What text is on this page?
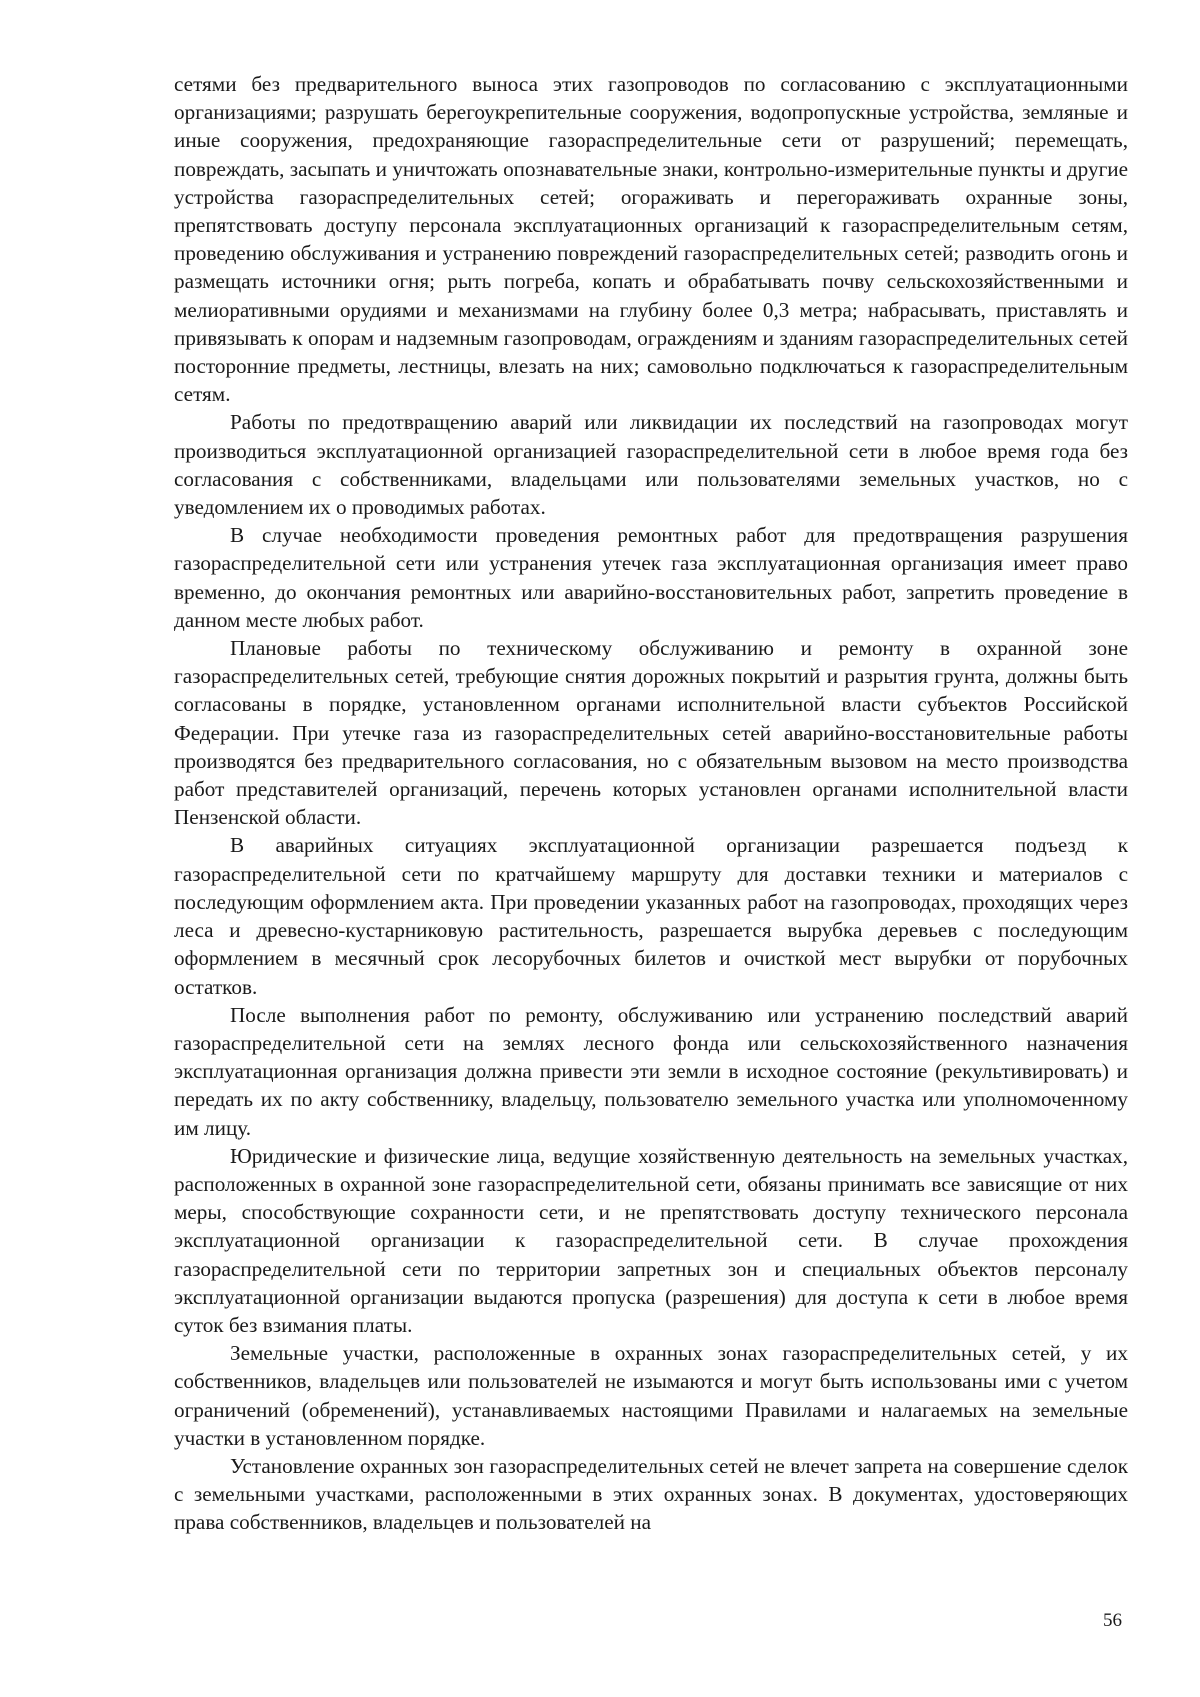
сетями без предварительного выноса этих газопроводов по согласованию с эксплуатационными организациями; разрушать берегоукрепительные сооружения, водопропускные устройства, земляные и иные сооружения, предохраняющие газораспределительные сети от разрушений; перемещать, повреждать, засыпать и уничтожать опознавательные знаки, контрольно-измерительные пункты и другие устройства газораспределительных сетей; огораживать и перегораживать охранные зоны, препятствовать доступу персонала эксплуатационных организаций к газораспределительным сетям, проведению обслуживания и устранению повреждений газораспределительных сетей; разводить огонь и размещать источники огня; рыть погреба, копать и обрабатывать почву сельскохозяйственными и мелиоративными орудиями и механизмами на глубину более 0,3 метра; набрасывать, приставлять и привязывать к опорам и надземным газопроводам, ограждениям и зданиям газораспределительных сетей посторонние предметы, лестницы, влезать на них; самовольно подключаться к газораспределительным сетям.

Работы по предотвращению аварий или ликвидации их последствий на газопроводах могут производиться эксплуатационной организацией газораспределительной сети в любое время года без согласования с собственниками, владельцами или пользователями земельных участков, но с уведомлением их о проводимых работах.

В случае необходимости проведения ремонтных работ для предотвращения разрушения газораспределительной сети или устранения утечек газа эксплуатационная организация имеет право временно, до окончания ремонтных или аварийно-восстановительных работ, запретить проведение в данном месте любых работ.

Плановые работы по техническому обслуживанию и ремонту в охранной зоне газораспределительных сетей, требующие снятия дорожных покрытий и разрытия грунта, должны быть согласованы в порядке, установленном органами исполнительной власти субъектов Российской Федерации. При утечке газа из газораспределительных сетей аварийно-восстановительные работы производятся без предварительного согласования, но с обязательным вызовом на место производства работ представителей организаций, перечень которых установлен органами исполнительной власти Пензенской области.

В аварийных ситуациях эксплуатационной организации разрешается подъезд к газораспределительной сети по кратчайшему маршруту для доставки техники и материалов с последующим оформлением акта. При проведении указанных работ на газопроводах, проходящих через леса и древесно-кустарниковую растительность, разрешается вырубка деревьев с последующим оформлением в месячный срок лесорубочных билетов и очисткой мест вырубки от порубочных остатков.

После выполнения работ по ремонту, обслуживанию или устранению последствий аварий газораспределительной сети на землях лесного фонда или сельскохозяйственного назначения эксплуатационная организация должна привести эти земли в исходное состояние (рекультивировать) и передать их по акту собственнику, владельцу, пользователю земельного участка или уполномоченному им лицу.

Юридические и физические лица, ведущие хозяйственную деятельность на земельных участках, расположенных в охранной зоне газораспределительной сети, обязаны принимать все зависящие от них меры, способствующие сохранности сети, и не препятствовать доступу технического персонала эксплуатационной организации к газораспределительной сети. В случае прохождения газораспределительной сети по территории запретных зон и специальных объектов персоналу эксплуатационной организации выдаются пропуска (разрешения) для доступа к сети в любое время суток без взимания платы.

Земельные участки, расположенные в охранных зонах газораспределительных сетей, у их собственников, владельцев или пользователей не изымаются и могут быть использованы ими с учетом ограничений (обременений), устанавливаемых настоящими Правилами и налагаемых на земельные участки в установленном порядке.

Установление охранных зон газораспределительных сетей не влечет запрета на совершение сделок с земельными участками, расположенными в этих охранных зонах. В документах, удостоверяющих права собственников, владельцев и пользователей на

56
